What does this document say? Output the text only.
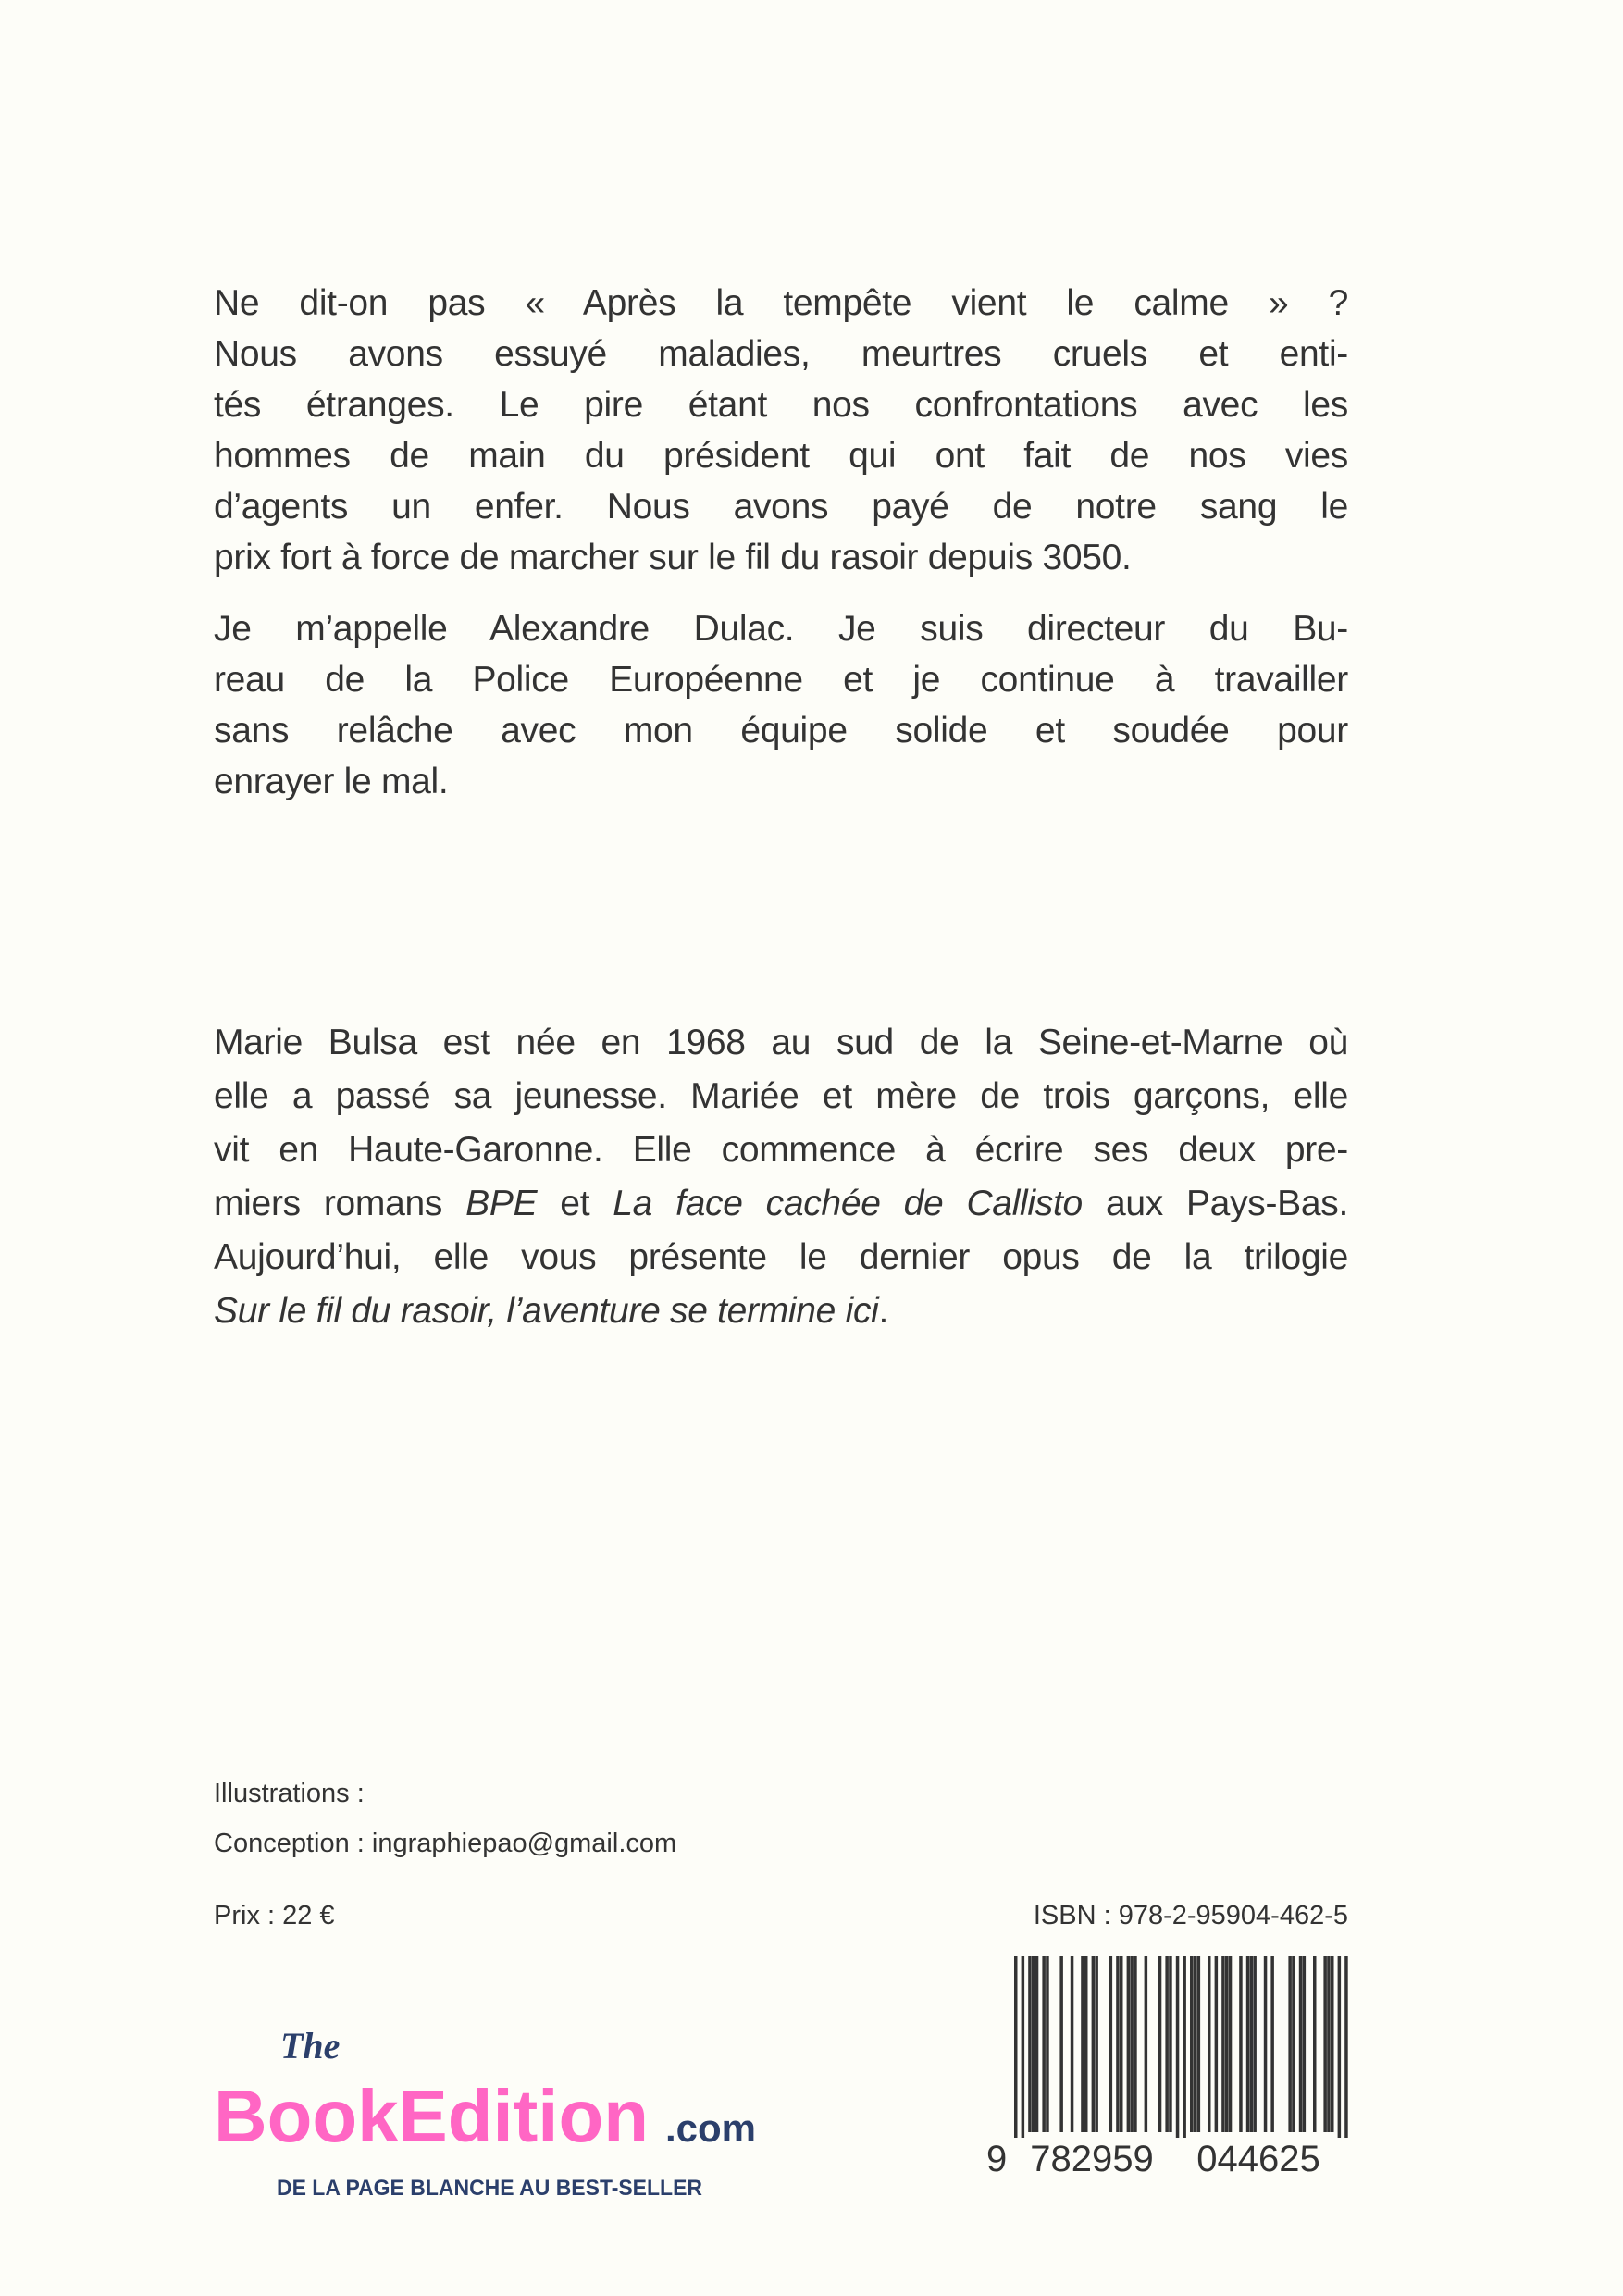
Ne dit-on pas « Après la tempête vient le calme » ?
Nous avons essuyé maladies, meurtres cruels et enti-
tés étranges. Le pire étant nos confrontations avec les
hommes de main du président qui ont fait de nos vies
d’agents un enfer. Nous avons payé de notre sang le
prix fort à force de marcher sur le fil du rasoir depuis 3050.
Je m’appelle Alexandre Dulac. Je suis directeur du Bu-
reau de la Police Européenne et je continue à travailler
sans relâche avec mon équipe solide et soudée pour
enrayer le mal.
Marie Bulsa est née en 1968 au sud de la Seine-et-Marne où
elle a passé sa jeunesse. Mariée et mère de trois garçons, elle
vit en Haute-Garonne. Elle commence à écrire ses deux pre-
miers romans BPE et La face cachée de Callisto aux Pays-Bas.
Aujourd’hui, elle vous présente le dernier opus de la trilogie
Sur le fil du rasoir, l’aventure se termine ici.
Illustrations :
Conception : ingraphiepao@gmail.com
Prix : 22 €	ISBN : 978-2-95904-462-5
9 782959 044625
The
BookEdition .com
DE LA PAGE BLANCHE AU BEST-SELLER
